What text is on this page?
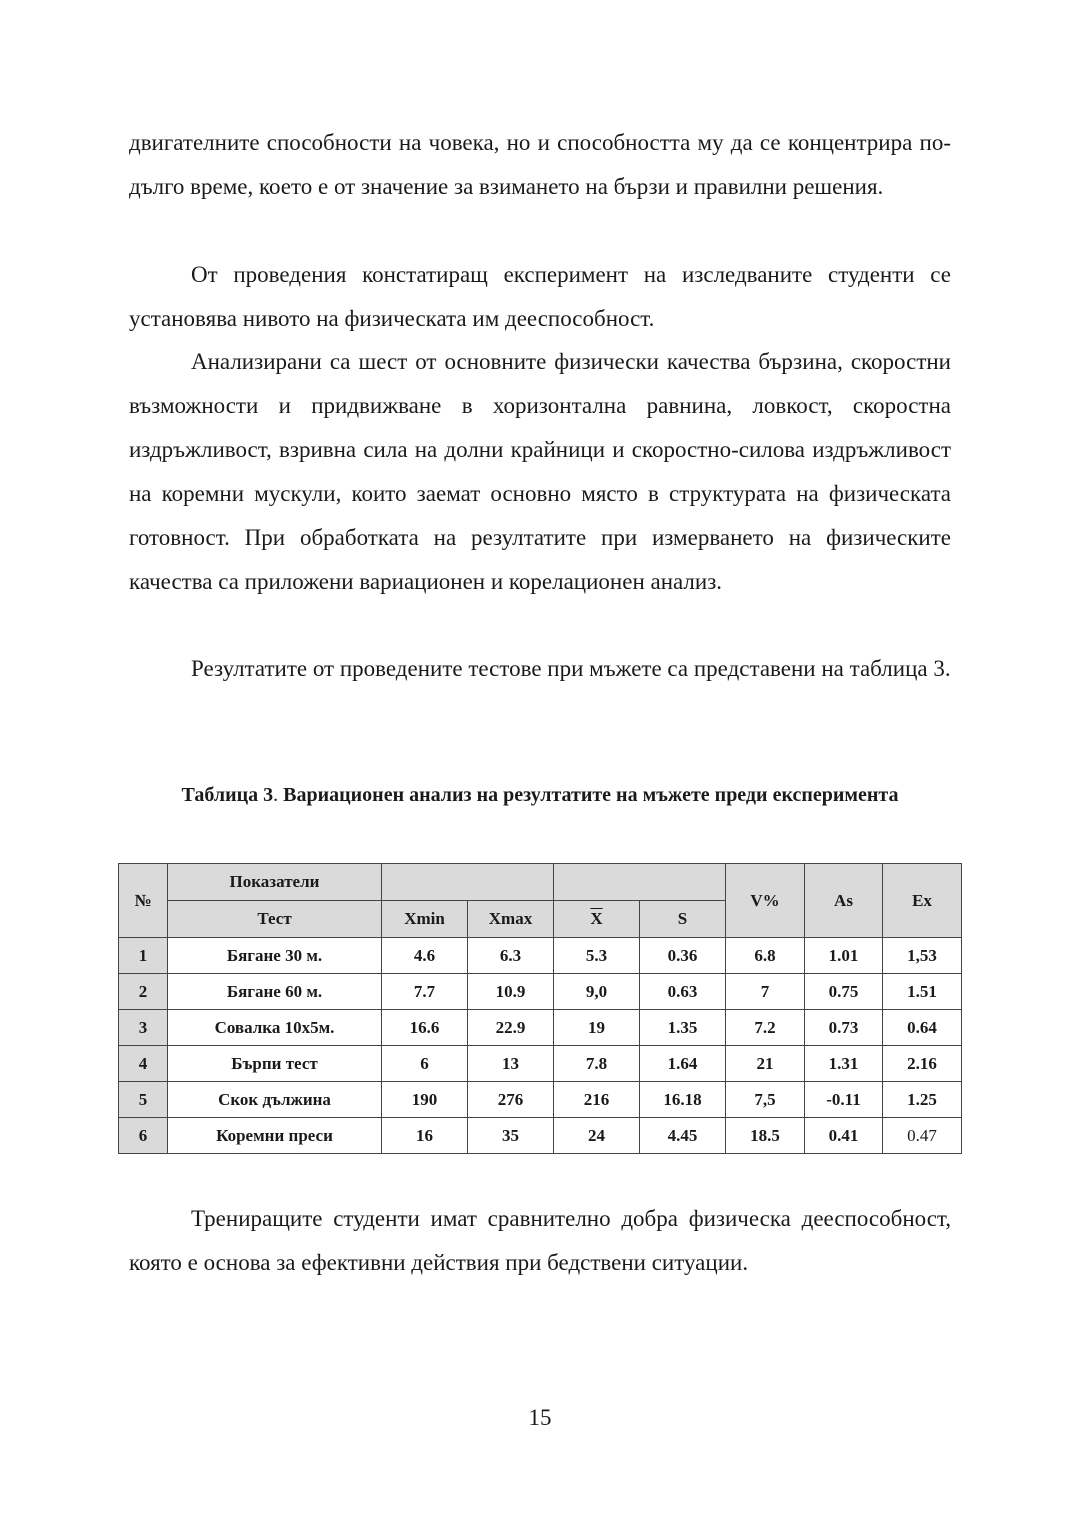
двигателните способности на човека, но и способността му да се концентрира по-дълго време, което е от значение за взимането на бързи и правилни решения.

От проведения констатиращ експеримент на изследваните студенти се установява нивото на физическата им дееспособност.

Анализирани са шест от основните физически качества бързина, скоростни възможности и придвижване в хоризонтална равнина, ловкост, скоростна издръжливост, взривна сила на долни крайници и скоростно-силова издръжливост на коремни мускули, които заемат основно място в структурата на физическата готовност. При обработката на резултатите при измерването на физическите качества са приложени вариационен и корелационен анализ.

Резултатите от проведените тестове при мъжете са представени на таблица 3.

Таблица 3. Вариационен анализ на резултатите на мъжете преди експеримента

№	Показатели					V%	As	Ex
	Тест	Xmin	Xmax	$\overline{X}$	S			
1	Бягане 30 м.	4.6	6.3	5.3	0.36	6.8	1.01	1,53
2	Бягане 60 м.	7.7	10.9	9,0	0.63	7	0.75	1.51
3	Совалка 10х5м.	16.6	22.9	19	1.35	7.2	0.73	0.64
4	Бърпи тест	6	13	7.8	1.64	21	1.31	2.16
5	Скок дължина	190	276	216	16.18	7,5	-0.11	1.25
6	Коремни преси	16	35	24	4.45	18.5	0.41	0.47

Трениращите студенти имат сравнително добра физическа дееспособност, която е основа за ефективни действия при бедствени ситуации.

15
